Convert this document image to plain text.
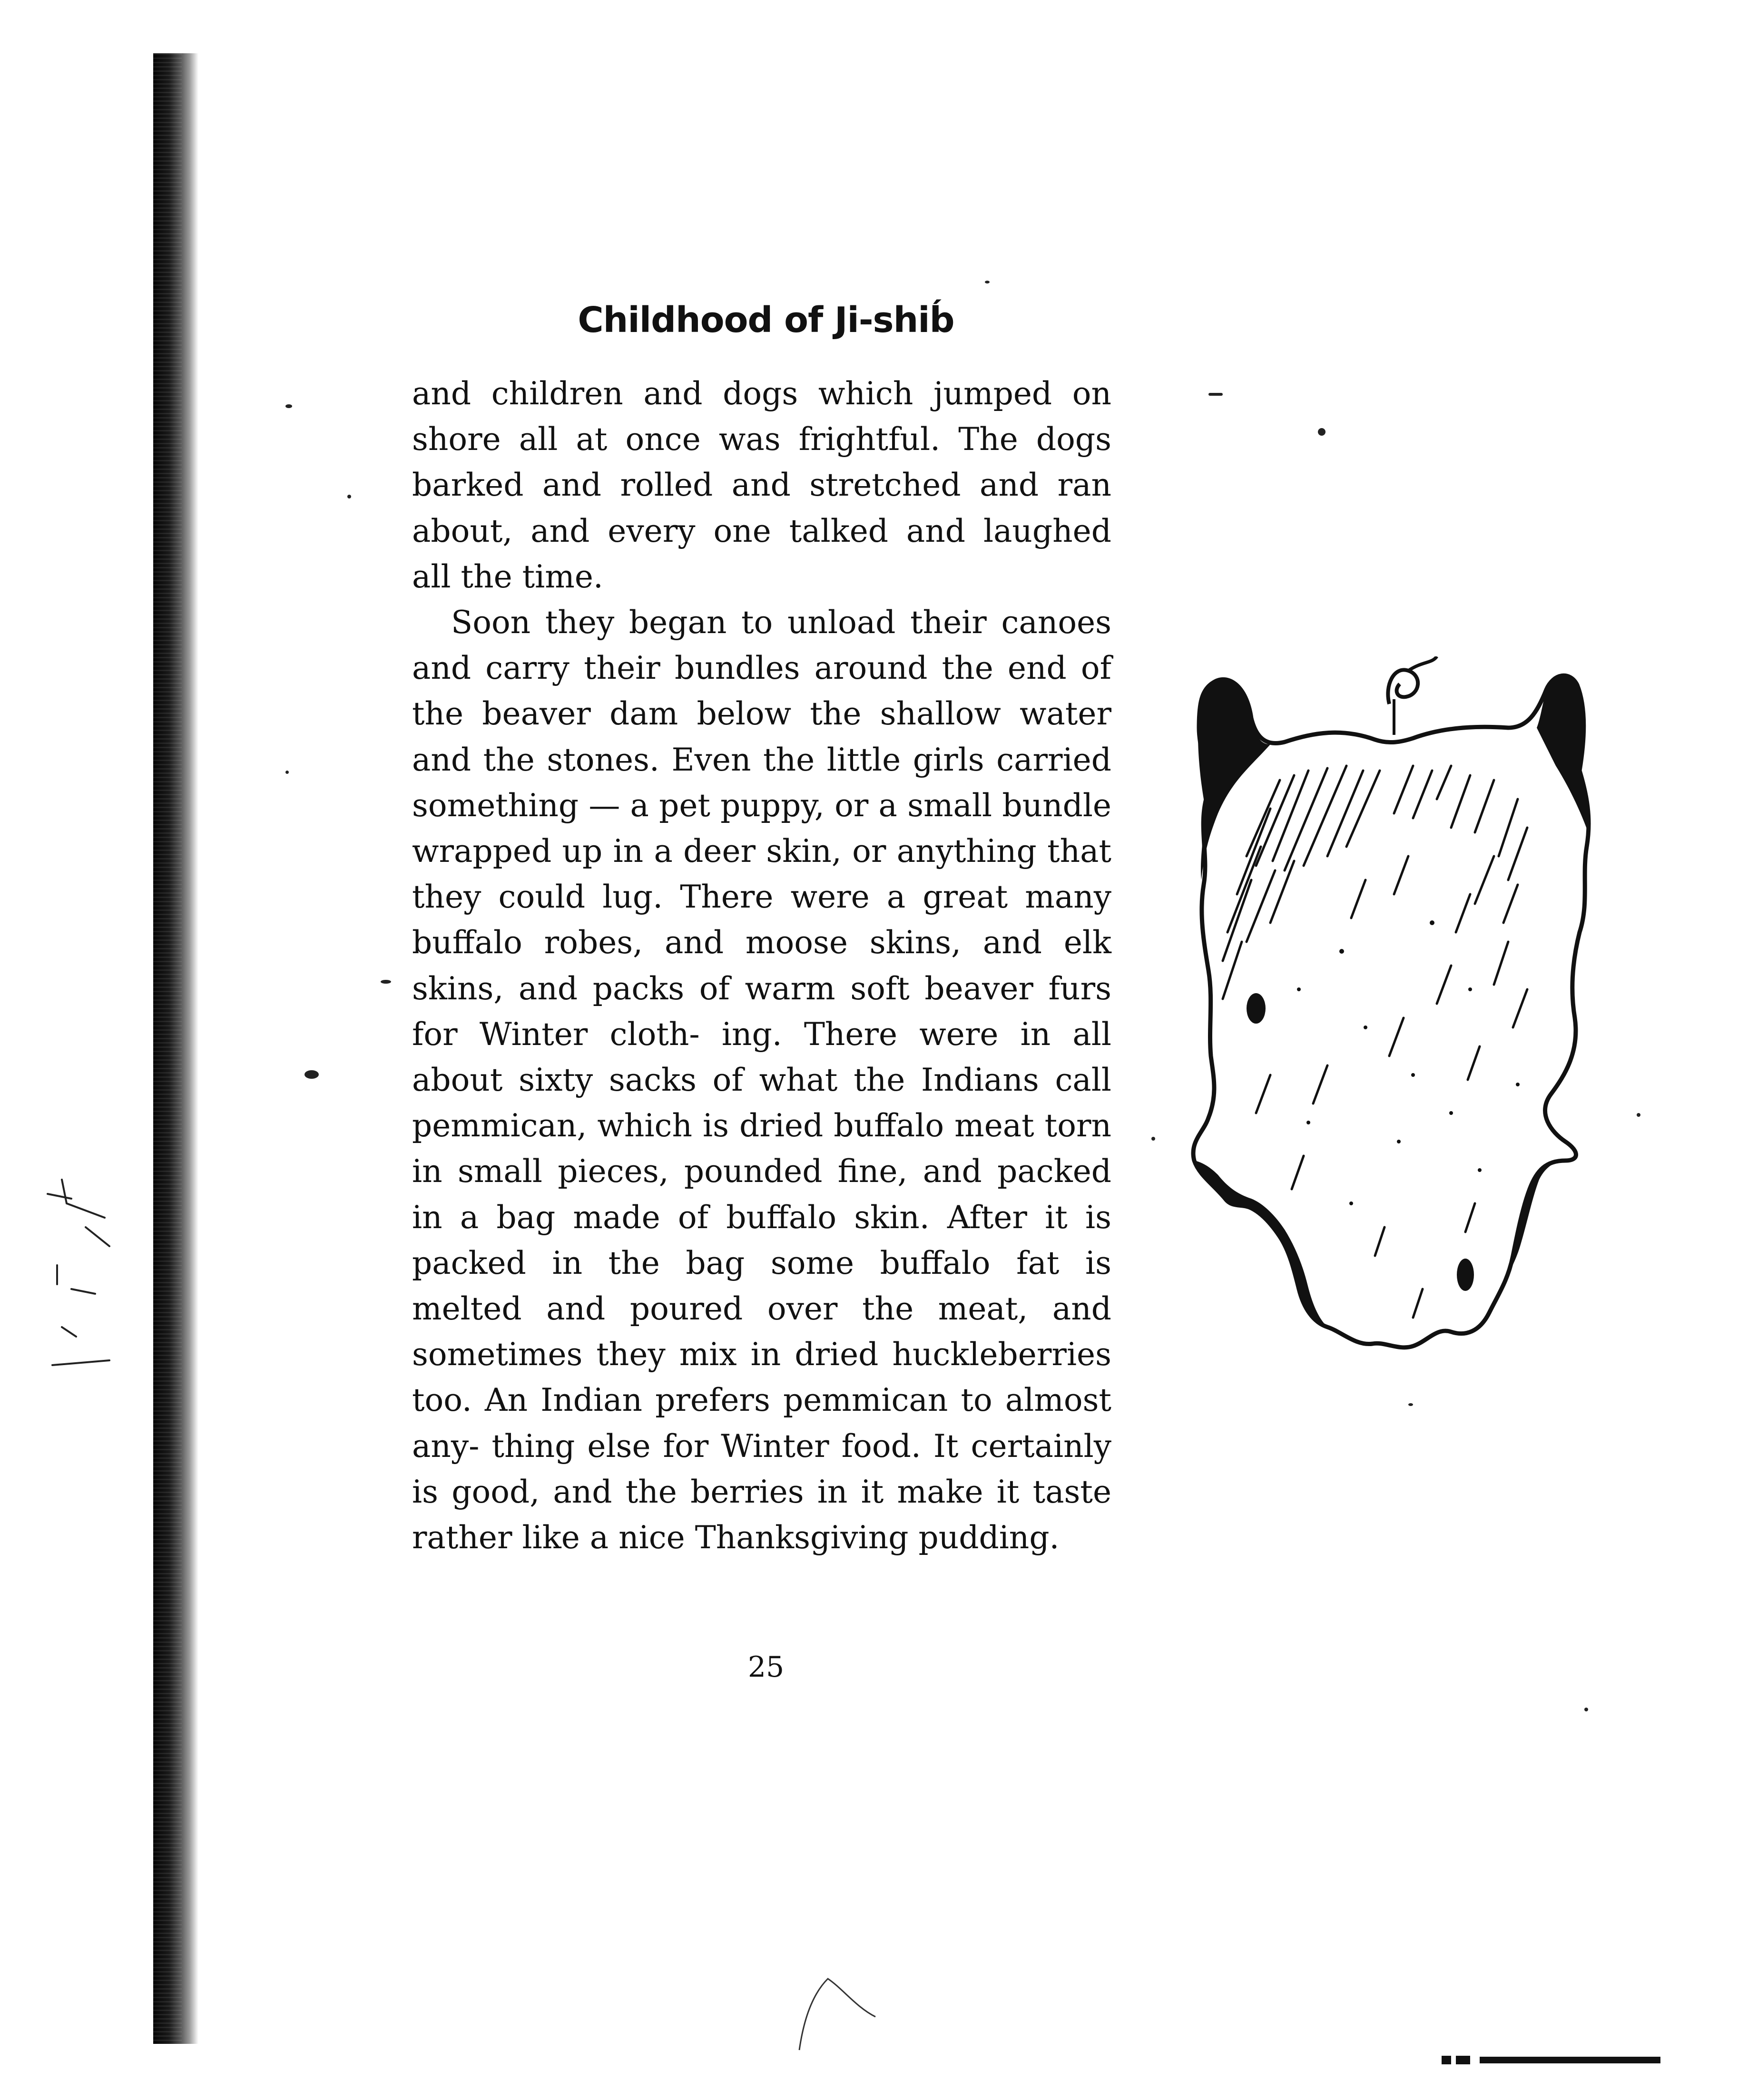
Childhood of Ji-shib́

and children and dogs which jumped on shore all at once was frightful. The dogs barked and rolled and stretched and ran about, and every one talked and laughed all the time.

Soon they began to unload their canoes and carry their bundles around the end of the beaver dam below the shallow water and the stones. Even the little girls carried something — a pet puppy, or a small bundle wrapped up in a deer skin, or anything that they could lug. There were a great many buffalo robes, and moose skins, and elk skins, and packs of warm soft beaver furs for Winter cloth- ing. There were in all about sixty sacks of what the Indians call pemmican, which is dried buffalo meat torn in small pieces, pounded fine, and packed in a bag made of buffalo skin. After it is packed in the bag some buffalo fat is melted and poured over the meat, and sometimes they mix in dried huckleberries too. An Indian prefers pemmican to almost any- thing else for Winter food. It certainly is good, and the berries in it make it taste rather like a nice Thanksgiving pudding.

25
